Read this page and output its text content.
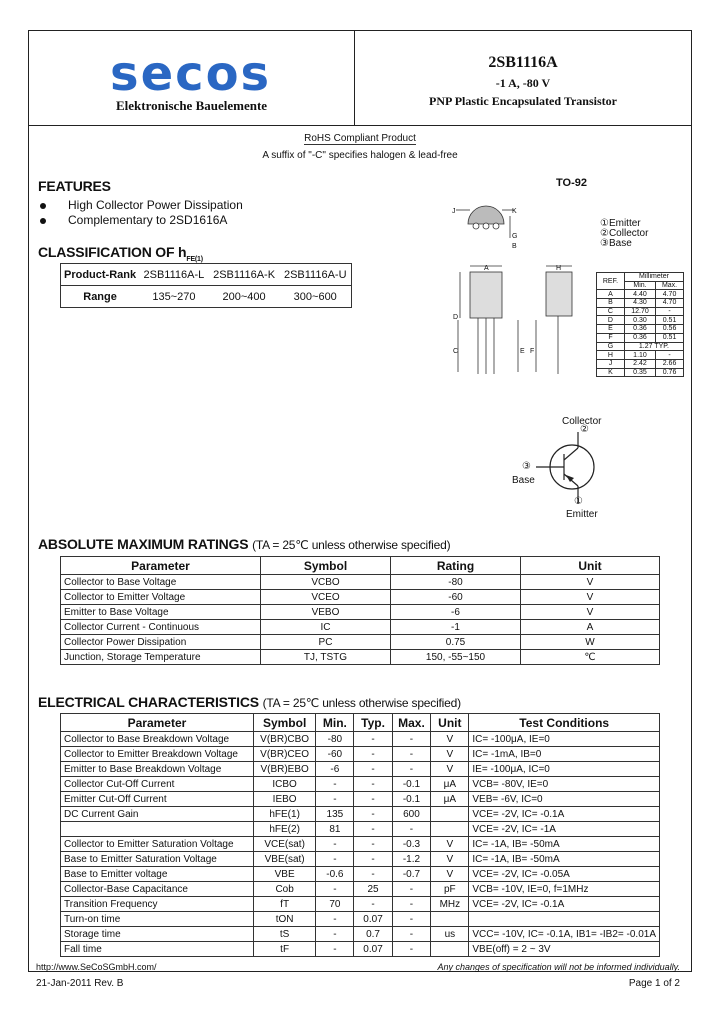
secos
Elektronische Bauelemente
2SB1116A
-1 A, -80 V
PNP Plastic Encapsulated Transistor
RoHS Compliant Product
A suffix of "-C" specifies halogen & lead-free
FEATURES
High Collector Power Dissipation
Complementary to 2SD1616A
CLASSIFICATION OF $h_{FE(1)}$
Product-Rank	2SB1116A-L	2SB1116A-K	2SB1116A-U
Range	135~270	200~400	300~600
TO-92
J	K
A
D
C
G
E F
H
B
①Emitter
②Collector
③Base
REF.	Millimeter	
	Min.	Max.
A	4.40	4.70
B	4.30	4.70
C	12.70	-
D	0.30	0.51
E	0.36	0.56
F	0.36	0.51
G	1.27 TYP.	
H	1.10	-
J	2.42	2.66
K	0.35	0.76
Collector
Base
Emitter
②
③
①
ABSOLUTE MAXIMUM RATINGS (TA = 25℃ unless otherwise specified)
Parameter	Symbol	Rating	Unit
Collector to Base Voltage	VCBO	-80	V
Collector to Emitter Voltage	VCEO	-60	V
Emitter to Base Voltage	VEBO	-6	V
Collector Current - Continuous	IC	-1	A
Collector Power Dissipation	PC	0.75	W
Junction, Storage Temperature	TJ, TSTG	150, -55~150	℃
ELECTRICAL CHARACTERISTICS (TA = 25℃ unless otherwise specified)
Parameter	Symbol	Min.	Typ.	Max.	Unit	Test Conditions
Collector to Base Breakdown Voltage	V(BR)CBO	-80	-	-	V	IC= -100μA, IE=0
Collector to Emitter Breakdown Voltage	V(BR)CEO	-60	-	-	V	IC= -1mA, IB=0
Emitter to Base Breakdown Voltage	V(BR)EBO	-6	-	-	V	IE= -100μA, IC=0
Collector Cut-Off Current	ICBO	-	-	-0.1	μA	VCB= -80V, IE=0
Emitter Cut-Off Current	IEBO	-	-	-0.1	μA	VEB= -6V, IC=0
DC Current Gain	hFE(1)	135	-	600		VCE= -2V, IC= -0.1A
	hFE(2)	81	-	-		VCE= -2V, IC= -1A
Collector to Emitter Saturation Voltage	VCE(sat)	-	-	-0.3	V	IC= -1A, IB= -50mA
Base to Emitter Saturation Voltage	VBE(sat)	-	-	-1.2	V	IC= -1A, IB= -50mA
Base to Emitter voltage	VBE	-0.6	-	-0.7	V	VCE= -2V, IC= -0.05A
Collector-Base Capacitance	Cob	-	25	-	pF	VCB= -10V, IE=0, f=1MHz
Transition Frequency	fT	70	-	-	MHz	VCE= -2V, IC= -0.1A
Turn-on time	tON	-	0.07	-		
Storage time	tS	-	0.7	-	us	VCC= -10V, IC= -0.1A, IB1= -IB2= -0.01A
Fall time	tF	-	0.07	-		VBE(off) = 2 ~ 3V
http://www.SeCoSGmbH.com/	Any changes of specification will not be informed individually.
21-Jan-2011 Rev. B	Page 1 of 2
